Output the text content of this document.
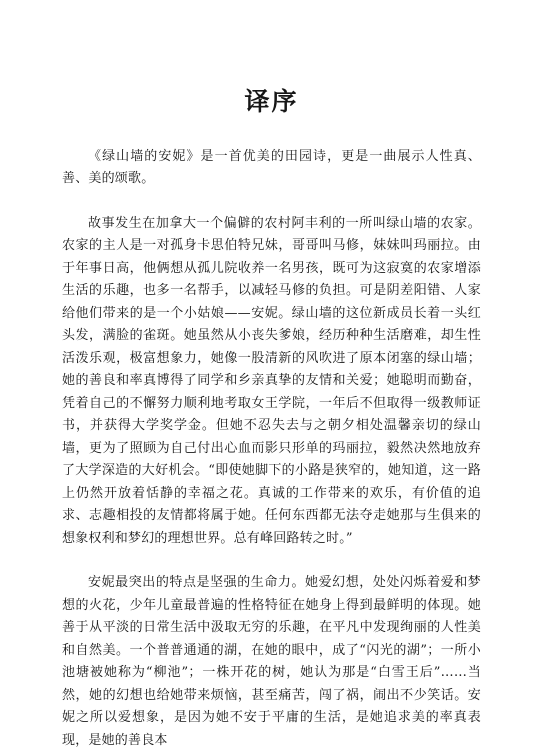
译序

《绿山墙的安妮》是一首优美的田园诗，更是一曲展示人性真、善、美的颂歌。

故事发生在加拿大一个偏僻的农村阿丰利的一所叫绿山墙的农家。农家的主人是一对孤身卡思伯特兄妹，哥哥叫马修，妹妹叫玛丽拉。由于年事日高，他俩想从孤儿院收养一名男孩，既可为这寂寞的农家增添生活的乐趣，也多一名帮手，以减轻马修的负担。可是阴差阳错、人家给他们带来的是一个小姑娘——安妮。绿山墙的这位新成员长着一头红头发，满脸的雀斑。她虽然从小丧失爹娘，经历种种生活磨难，却生性活泼乐观，极富想象力，她像一股清新的风吹进了原本闭塞的绿山墙；她的善良和率真博得了同学和乡亲真挚的友情和关爱；她聪明而勤奋，凭着自己的不懈努力顺利地考取女王学院，一年后不但取得一级教师证书，并获得大学奖学金。但她不忍失去与之朝夕相处温馨亲切的绿山墙，更为了照顾为自己付出心血而影只形单的玛丽拉，毅然决然地放弃了大学深造的大好机会。“即使她脚下的小路是狭窄的，她知道，这一路上仍然开放着恬静的幸福之花。真诚的工作带来的欢乐，有价值的追求、志趣相投的友情都将属于她。任何东西都无法夺走她那与生俱来的想象权利和梦幻的理想世界。总有峰回路转之时。”

安妮最突出的特点是坚强的生命力。她爱幻想，处处闪烁着爱和梦想的火花，少年儿童最普遍的性格特征在她身上得到最鲜明的体现。她善于从平淡的日常生活中汲取无穷的乐趣，在平凡中发现绚丽的人性美和自然美。一个普普通通的湖，在她的眼中，成了“闪光的湖”；一所小池塘被她称为“柳池”；一株开花的树，她认为那是“白雪王后”……当然，她的幻想也给她带来烦恼，甚至痛苦，闯了祸，闹出不少笑话。安妮之所以爱想象，是因为她不安于平庸的生活，是她追求美的率真表现，是她的善良本
